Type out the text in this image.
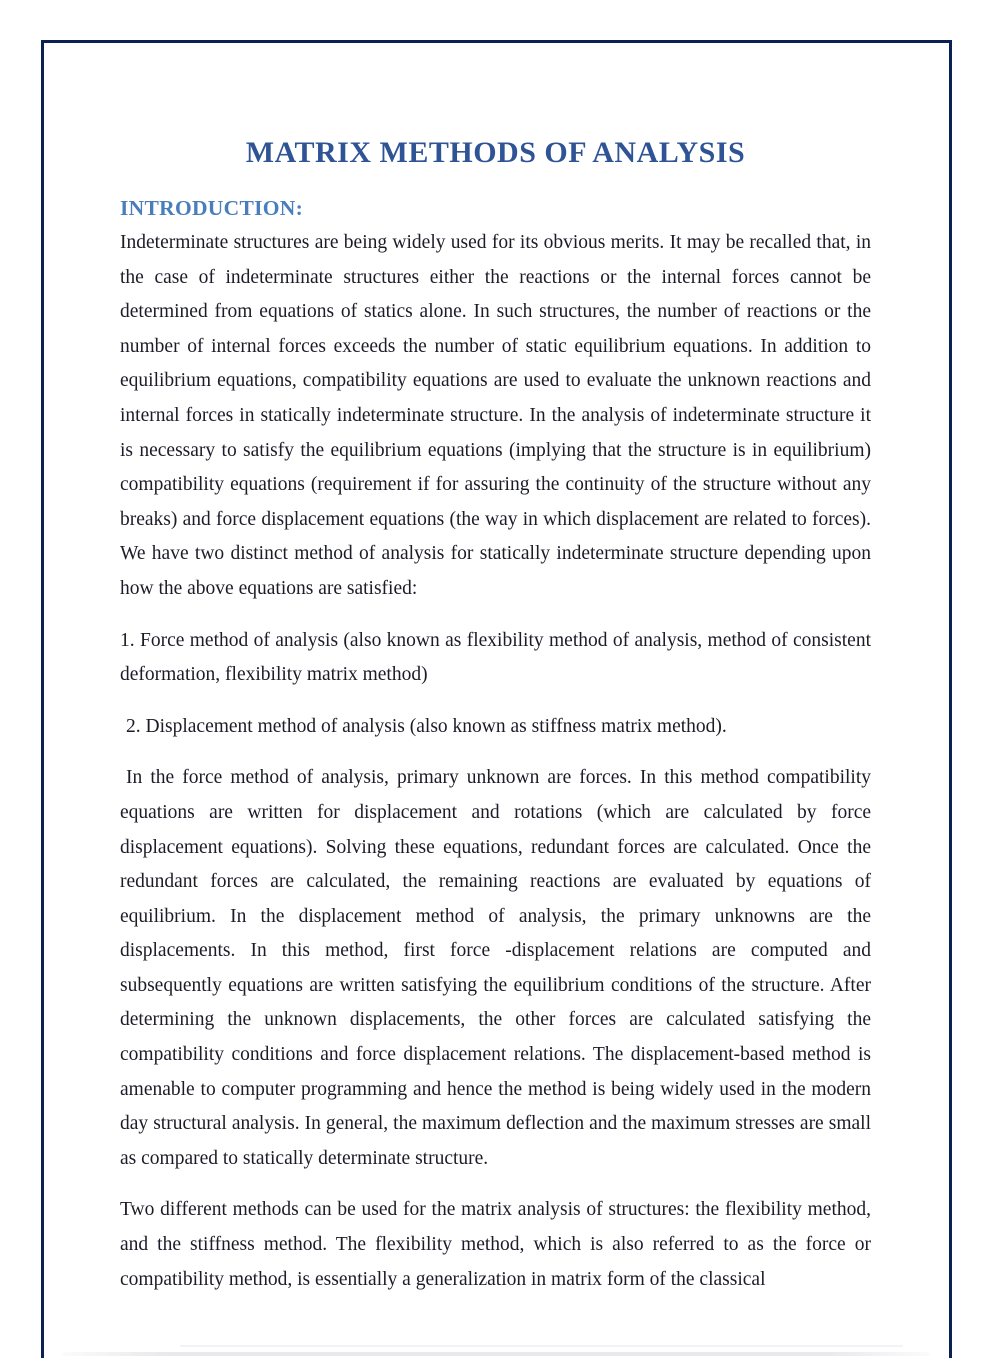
MATRIX METHODS OF ANALYSIS
INTRODUCTION:

Indeterminate structures are being widely used for its obvious merits. It may be recalled that, in the case of indeterminate structures either the reactions or the internal forces cannot be determined from equations of statics alone. In such structures, the number of reactions or the number of internal forces exceeds the number of static equilibrium equations. In addition to equilibrium equations, compatibility equations are used to evaluate the unknown reactions and internal forces in statically indeterminate structure. In the analysis of indeterminate structure it is necessary to satisfy the equilibrium equations (implying that the structure is in equilibrium) compatibility equations (requirement if for assuring the continuity of the structure without any breaks) and force displacement equations (the way in which displacement are related to forces). We have two distinct method of analysis for statically indeterminate structure depending upon how the above equations are satisfied:

1. Force method of analysis (also known as flexibility method of analysis, method of consistent deformation, flexibility matrix method)

2. Displacement method of analysis (also known as stiffness matrix method).

In the force method of analysis, primary unknown are forces. In this method compatibility equations are written for displacement and rotations (which are calculated by force displacement equations). Solving these equations, redundant forces are calculated. Once the redundant forces are calculated, the remaining reactions are evaluated by equations of equilibrium. In the displacement method of analysis, the primary unknowns are the displacements. In this method, first force -displacement relations are computed and subsequently equations are written satisfying the equilibrium conditions of the structure. After determining the unknown displacements, the other forces are calculated satisfying the compatibility conditions and force displacement relations. The displacement-based method is amenable to computer programming and hence the method is being widely used in the modern day structural analysis. In general, the maximum deflection and the maximum stresses are small as compared to statically determinate structure.

Two different methods can be used for the matrix analysis of structures: the flexibility method, and the stiffness method. The flexibility method, which is also referred to as the force or compatibility method, is essentially a generalization in matrix form of the classical
